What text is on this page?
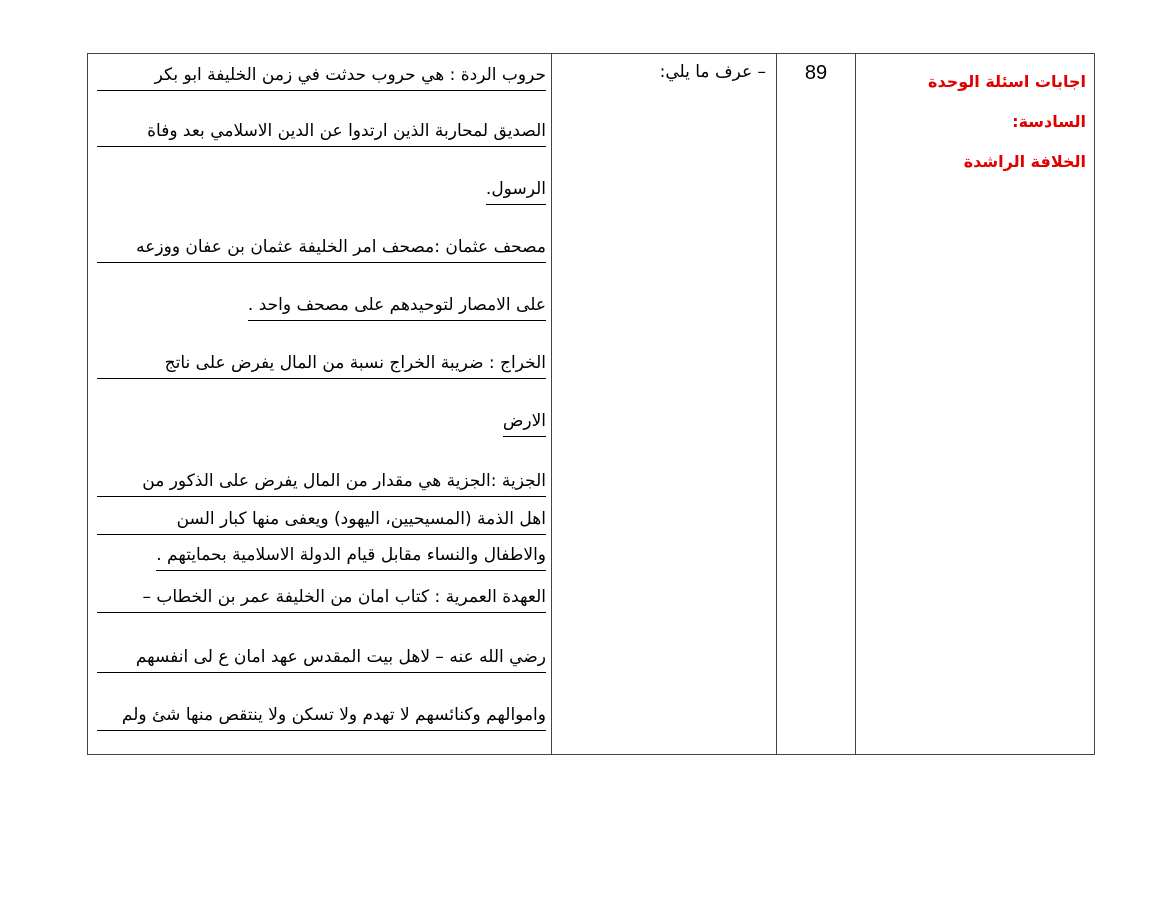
اجابات اسئلة الوحدة

السادسة:

الخلافة الراشدة

89
– عرف ما يلي:
حروب الردة : هي حروب حدثت في زمن الخليفة ابو بكر
الصديق لمحاربة الذين ارتدوا عن الدين الاسلامي بعد وفاة
الرسول.
مصحف عثمان :مصحف امر الخليفة عثمان بن عفان ووزعه
على الامصار لتوحيدهم على مصحف واحد .
الخراج : ضريبة الخراج نسبة من المال يفرض على ناتج
الارض
الجزية :الجزية هي مقدار من المال يفرض على الذكور من
اهل الذمة (المسيحيين، اليهود) ويعفى منها كبار السن
والاطفال والنساء مقابل قيام الدولة الاسلامية بحمايتهم .
العهدة العمرية : كتاب امان من الخليفة عمر بن الخطاب –
رضي الله عنه – لاهل بيت المقدس عهد امان ع لى انفسهم
واموالهم وكنائسهم لا تهدم ولا تسكن ولا ينتقص منها شئ ولم
